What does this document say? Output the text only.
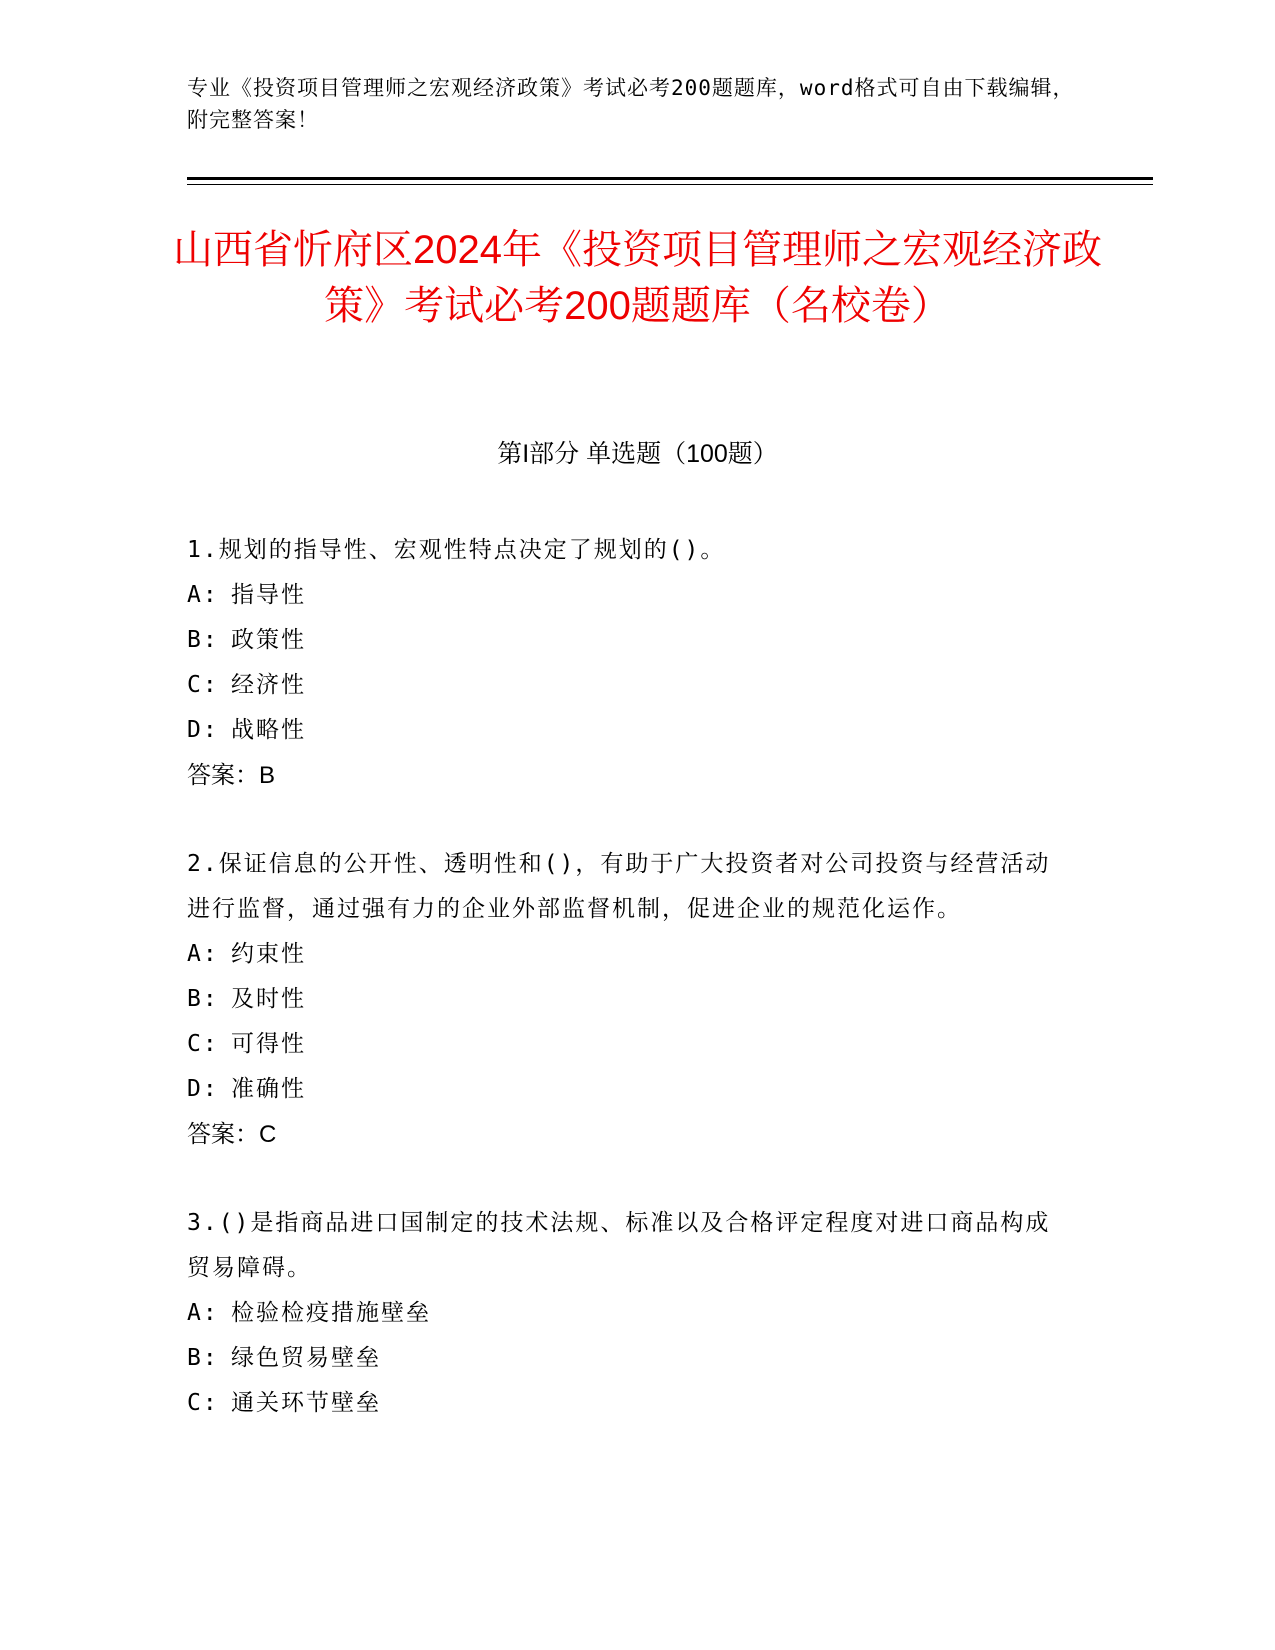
专业《投资项目管理师之宏观经济政策》考试必考200题题库，word格式可自由下载编辑，附完整答案！
山西省忻府区2024年《投资项目管理师之宏观经济政策》考试必考200题题库（名校卷）
第I部分 单选题（100题）

1.规划的指导性、宏观性特点决定了规划的()。

A: 指导性

B: 政策性

C: 经济性

D: 战略性

答案：B

2.保证信息的公开性、透明性和()，有助于广大投资者对公司投资与经营活动进行监督，通过强有力的企业外部监督机制，促进企业的规范化运作。

A: 约束性

B: 及时性

C: 可得性

D: 准确性

答案：C

3.()是指商品进口国制定的技术法规、标准以及合格评定程度对进口商品构成贸易障碍。

A: 检验检疫措施壁垒

B: 绿色贸易壁垒

C: 通关环节壁垒
